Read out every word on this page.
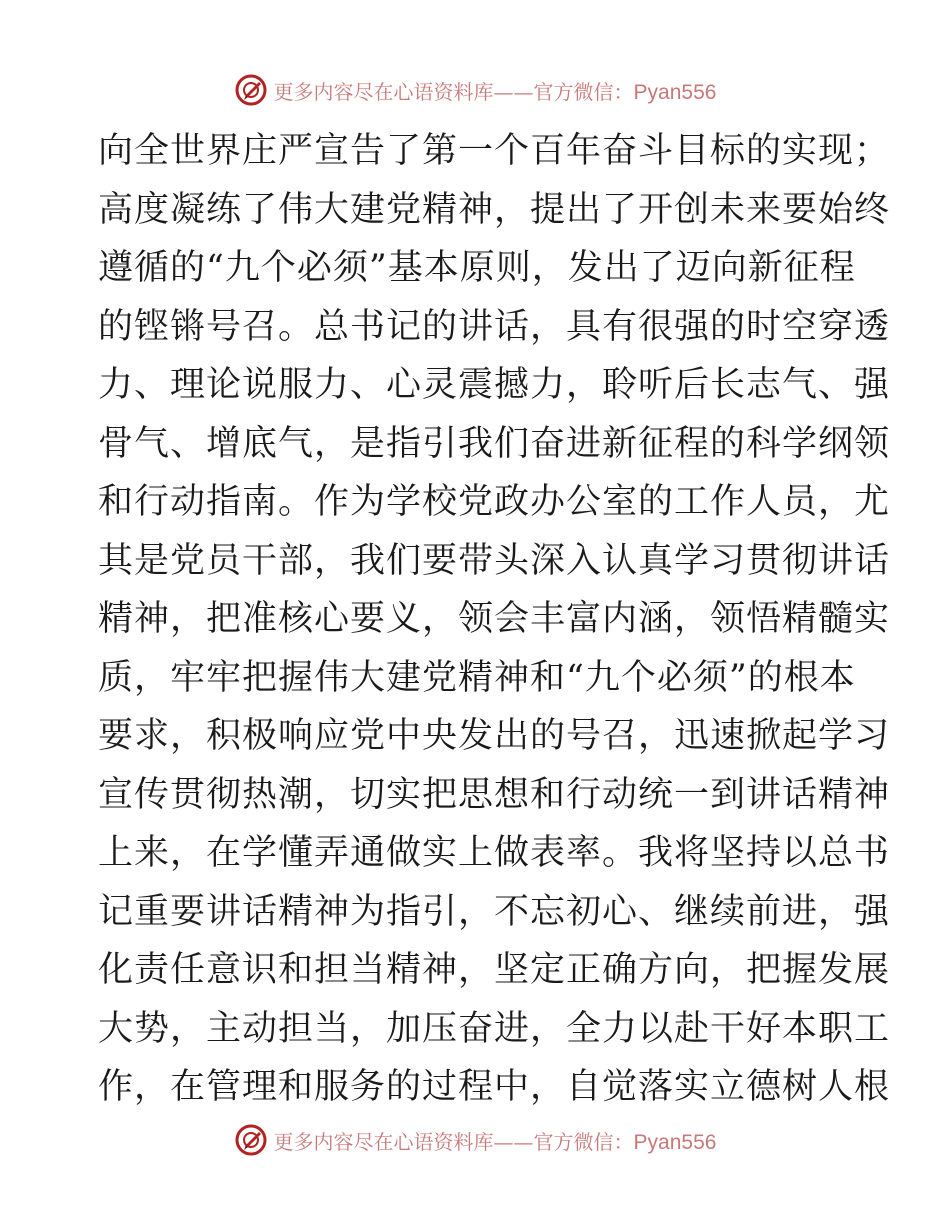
更多内容尽在心语资料库——官方微信：Pyan556
向全世界庄严宣告了第一个百年奋斗目标的实现；
高度凝练了伟大建党精神，提出了开创未来要始终
遵循的“九个必须”基本原则，发出了迈向新征程
的铿锵号召。总书记的讲话，具有很强的时空穿透
力、理论说服力、心灵震撼力，聆听后长志气、强
骨气、增底气，是指引我们奋进新征程的科学纲领
和行动指南。作为学校党政办公室的工作人员，尤
其是党员干部，我们要带头深入认真学习贯彻讲话
精神，把准核心要义，领会丰富内涵，领悟精髓实
质，牢牢把握伟大建党精神和“九个必须”的根本
要求，积极响应党中央发出的号召，迅速掀起学习
宣传贯彻热潮，切实把思想和行动统一到讲话精神
上来，在学懂弄通做实上做表率。我将坚持以总书
记重要讲话精神为指引，不忘初心、继续前进，强
化责任意识和担当精神，坚定正确方向，把握发展
大势，主动担当，加压奋进，全力以赴干好本职工
作，在管理和服务的过程中，自觉落实立德树人根
更多内容尽在心语资料库——官方微信：Pyan556
